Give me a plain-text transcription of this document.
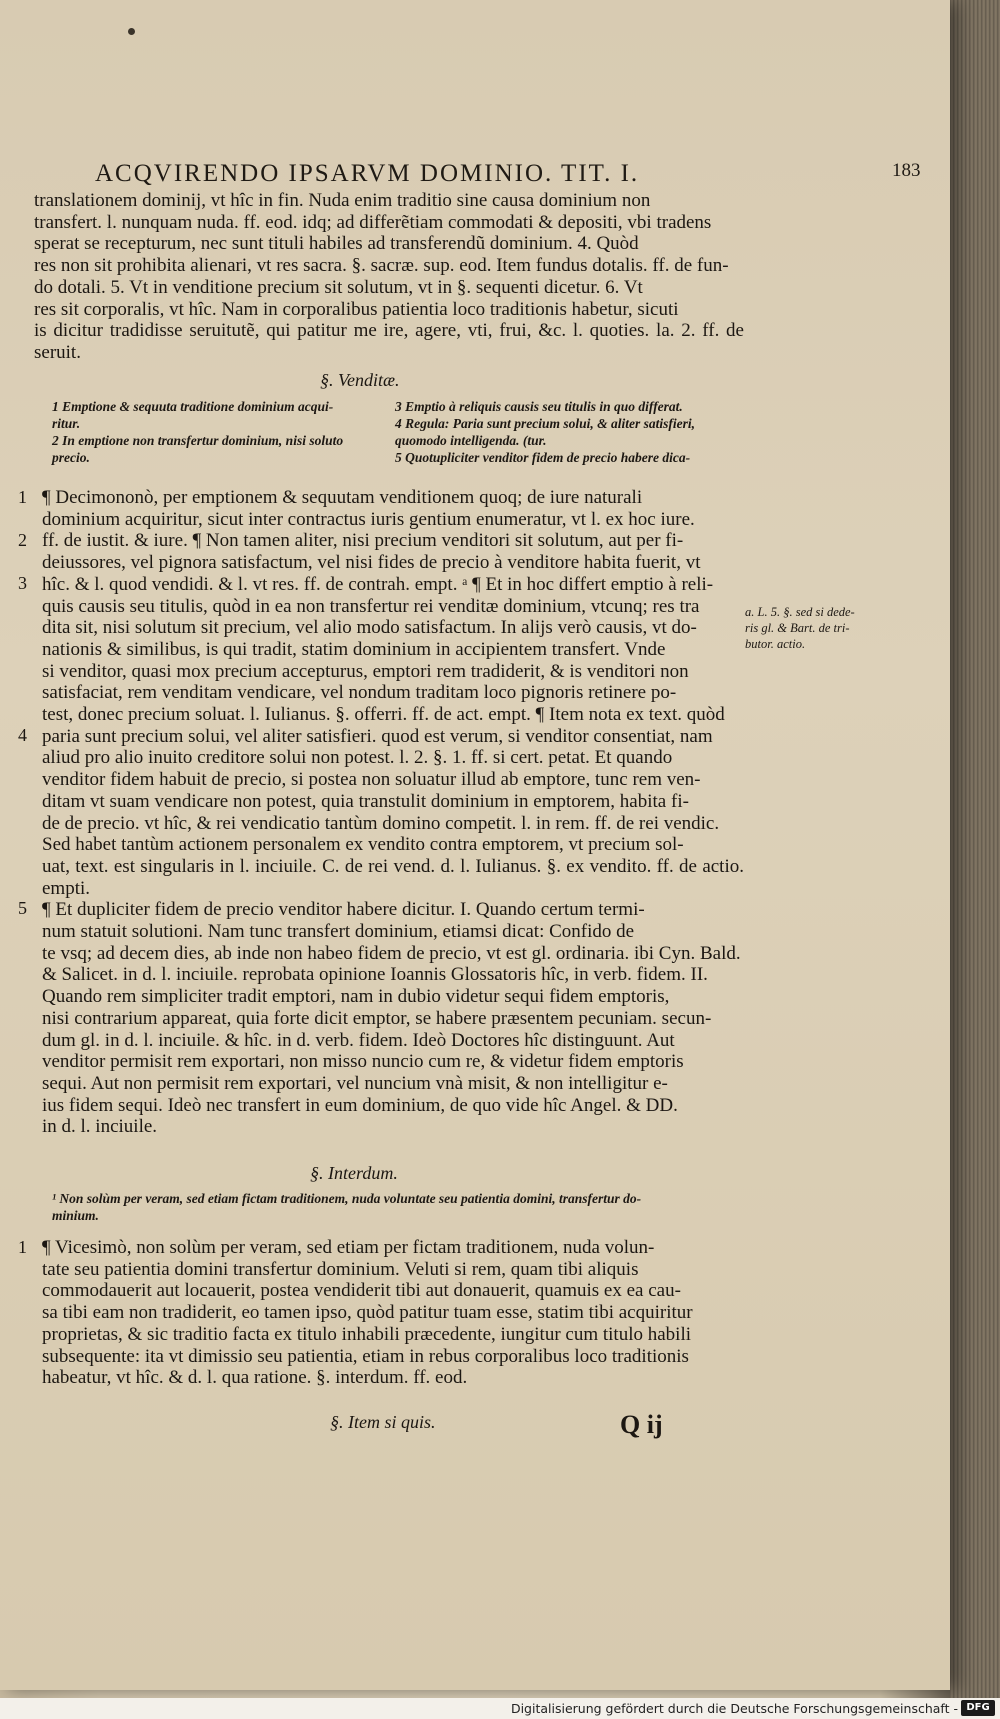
ACQVIRENDO IPSARVM DOMINIO. TIT. I.	183
translationem dominij, vt hîc in fin. Nuda enim traditio sine causa dominium non
transfert. l. nunquam nuda. ff. eod. idq; ad differẽtiam commodati & depositi, vbi tradens
sperat se recepturum, nec sunt tituli habiles ad transferendũ dominium. 4. Quòd
res non sit prohibita alienari, vt res sacra. §. sacræ. sup. eod. Item fundus dotalis. ff. de fun-
do dotali. 5. Vt in venditione precium sit solutum, vt in §. sequenti dicetur. 6. Vt
res sit corporalis, vt hîc. Nam in corporalibus patientia loco traditionis habetur, sicuti
is dicitur tradidisse seruitutẽ, qui patitur me ire, agere, vti, frui, &c. l. quoties. la. 2. ff. de seruit.
§. Venditæ.
1 Emptione & sequuta traditione dominium acqui-
ritur.
2 In emptione non transfertur dominium, nisi soluto
precio.
3 Emptio à reliquis causis seu titulis in quo differat.
4 Regula: Paria sunt precium solui, & aliter satisfieri,
quomodo intelligenda. (tur.
5 Quotupliciter venditor fidem de precio habere dica-
1
2
3
4
5
1
¶ Decimononò, per emptionem & sequutam venditionem quoq; de iure naturali
dominium acquiritur, sicut inter contractus iuris gentium enumeratur, vt l. ex hoc iure.
ff. de iustit. & iure. ¶ Non tamen aliter, nisi precium venditori sit solutum, aut per fi-
deiussores, vel pignora satisfactum, vel nisi fides de precio à venditore habita fuerit, vt
hîc. & l. quod vendidi. & l. vt res. ff. de contrah. empt. ᵃ ¶ Et in hoc differt emptio à reli-
quis causis seu titulis, quòd in ea non transfertur rei venditæ dominium, vtcunq; res tra
dita sit, nisi solutum sit precium, vel alio modo satisfactum. In alijs verò causis, vt do-
nationis & similibus, is qui tradit, statim dominium in accipientem transfert. Vnde
si venditor, quasi mox precium accepturus, emptori rem tradiderit, & is venditori non
satisfaciat, rem venditam vendicare, vel nondum traditam loco pignoris retinere po-
test, donec precium soluat. l. Iulianus. §. offerri. ff. de act. empt. ¶ Item nota ex text. quòd
paria sunt precium solui, vel aliter satisfieri. quod est verum, si venditor consentiat, nam
aliud pro alio inuito creditore solui non potest. l. 2. §. 1. ff. si cert. petat. Et quando
venditor fidem habuit de precio, si postea non soluatur illud ab emptore, tunc rem ven-
ditam vt suam vendicare non potest, quia transtulit dominium in emptorem, habita fi-
de de precio. vt hîc, & rei vendicatio tantùm domino competit. l. in rem. ff. de rei vendic.
Sed habet tantùm actionem personalem ex vendito contra emptorem, vt precium sol-
uat, text. est singularis in l. inciuile. C. de rei vend. d. l. Iulianus. §. ex vendito. ff. de actio. empti.
¶ Et dupliciter fidem de precio venditor habere dicitur. I. Quando certum termi-
num statuit solutioni. Nam tunc transfert dominium, etiamsi dicat: Confido de
te vsq; ad decem dies, ab inde non habeo fidem de precio, vt est gl. ordinaria. ibi Cyn. Bald.
& Salicet. in d. l. inciuile. reprobata opinione Ioannis Glossatoris hîc, in verb. fidem. II.
Quando rem simpliciter tradit emptori, nam in dubio videtur sequi fidem emptoris,
nisi contrarium appareat, quia forte dicit emptor, se habere præsentem pecuniam. secun-
dum gl. in d. l. inciuile. & hîc. in d. verb. fidem. Ideò Doctores hîc distinguunt. Aut
venditor permisit rem exportari, non misso nuncio cum re, & videtur fidem emptoris
sequi. Aut non permisit rem exportari, vel nuncium vnà misit, & non intelligitur e-
ius fidem sequi. Ideò nec transfert in eum dominium, de quo vide hîc Angel. & DD.
in d. l. inciuile.
a. L. 5. §. sed si dede-
ris gl. & Bart. de tri-
butor. actio.
§. Interdum.
¹ Non solùm per veram, sed etiam fictam traditionem, nuda voluntate seu patientia domini, transfertur do-
minium.
¶ Vicesimò, non solùm per veram, sed etiam per fictam traditionem, nuda volun-
tate seu patientia domini transfertur dominium. Veluti si rem, quam tibi aliquis
commodauerit aut locauerit, postea vendiderit tibi aut donauerit, quamuis ex ea cau-
sa tibi eam non tradiderit, eo tamen ipso, quòd patitur tuam esse, statim tibi acquiritur
proprietas, & sic traditio facta ex titulo inhabili præcedente, iungitur cum titulo habili
subsequente: ita vt dimissio seu patientia, etiam in rebus corporalibus loco traditionis
habeatur, vt hîc. & d. l. qua ratione. §. interdum. ff. eod.
§. Item si quis.	Q ij
Digitalisierung gefördert durch die Deutsche Forschungsgemeinschaft - DFG
